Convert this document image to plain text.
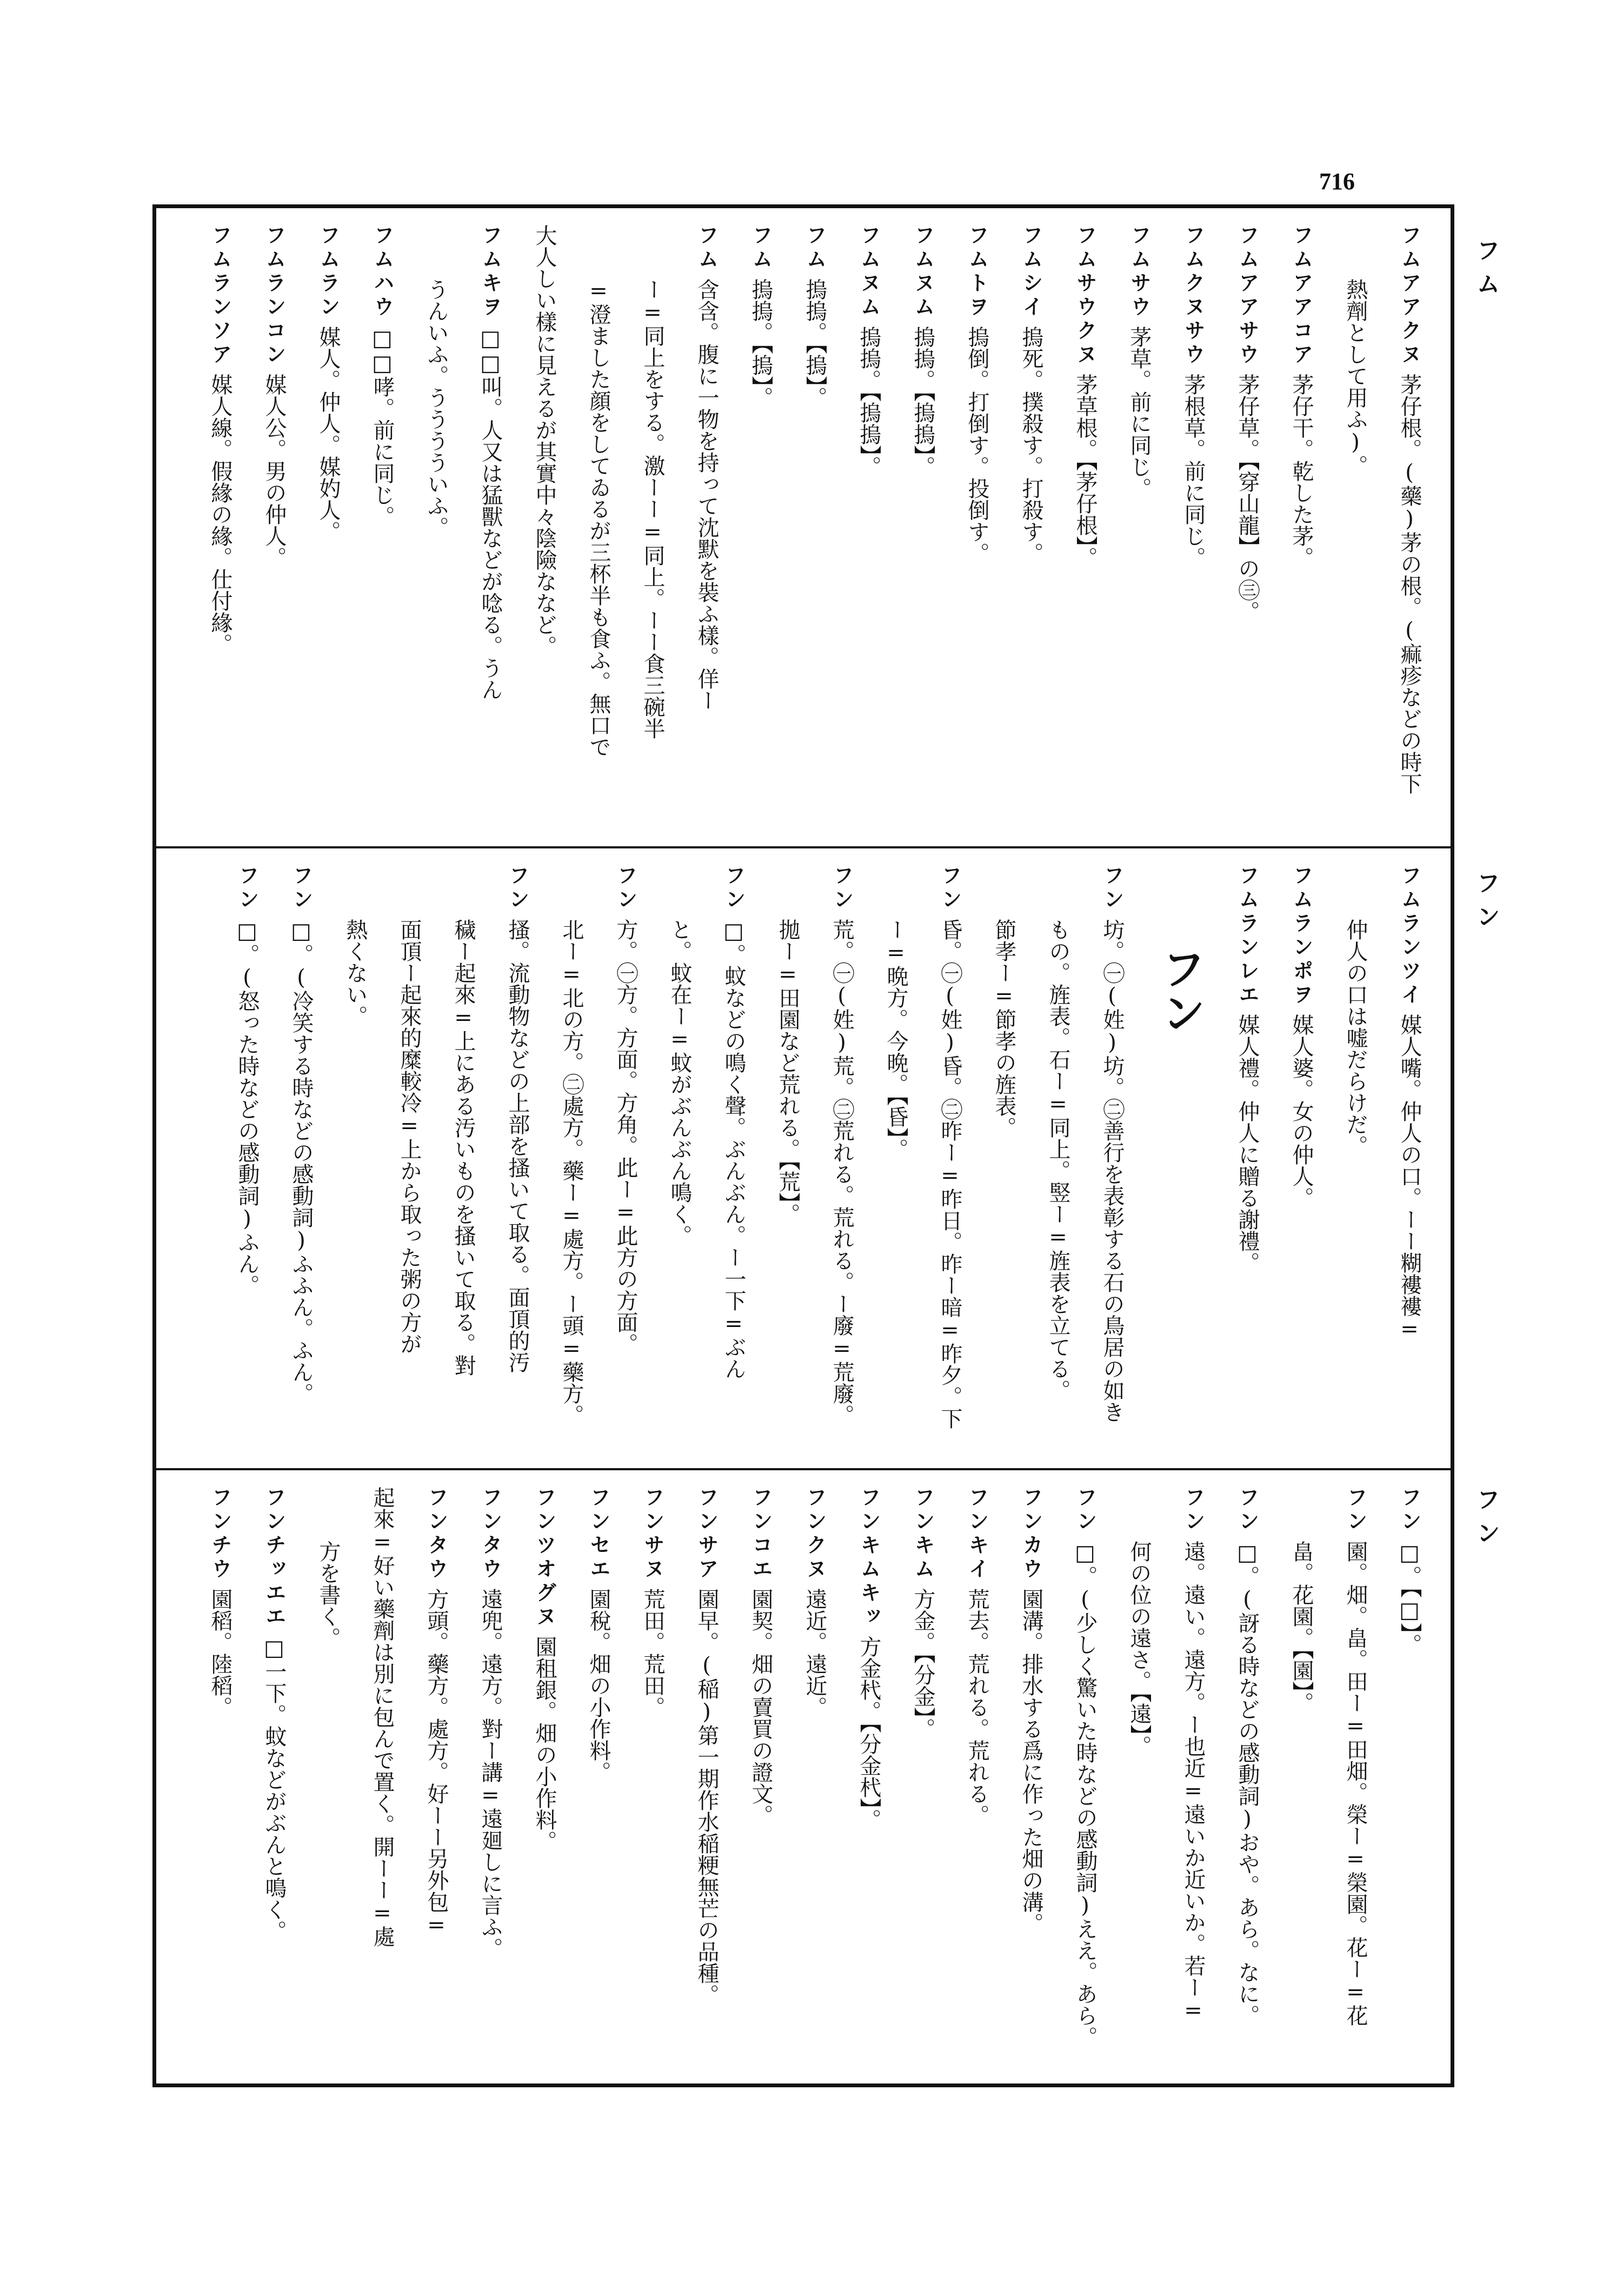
716
フム
フン
フン
フムアアクヌ茅仔根。(藥)茅の根。(痲疹などの時下
熱劑として用ふ)。
フムアアコア茅仔干。乾した茅。
フムアアサウ茅仔草。【穿山龍】の㊂。
フムクヌサウ茅根草。前に同じ。
フムサウ茅草。前に同じ。
フムサウクヌ茅草根。【茅仔根】。
フムシイ摀死。撲殺す。打殺す。
フムトヲ摀倒。打倒す。投倒す。
フムヌム摀摀。【摀摀】。
フムヌム摀摀。【摀摀】。
フム摀摀。【摀】。
フム摀摀。【摀】。
フム含含。腹に一物を持って沈默を裝ふ樣。佯ー
ー=同上をする。激ーー=同上。ーー食三碗半
=澄ました顔をしてゐるが三杯半も食ふ。無口で
大人しい樣に見えるが其實中々陰險ななど。
フムキヲ□□叫。人又は猛獸などが唸る。うん
うんいふ。うううういふ。
フムハウ□□哮。前に同じ。
フムラン媒人。仲人。媒妁人。
フムランコン媒人公。男の仲人。
フムランソア媒人線。假緣の緣。仕付緣。
フムランツイ媒人嘴。仲人の口。ーー糊褸褸=
仲人の口は嘘だらけだ。
フムランポヲ媒人婆。女の仲人。
フムランレエ媒人禮。仲人に贈る謝禮。
フン
フン坊。㊀(姓)坊。㊁善行を表彰する石の鳥居の如き
もの。旌表。石ー=同上。竪ー=旌表を立てる。
節孝ー=節孝の旌表。
フン昏。㊀(姓)昏。㊁昨ー=昨日。昨ー暗=昨夕。下
ー=晩方。今晩。【昏】。
フン荒。㊀(姓)荒。㊁荒れる。荒れる。ー廢=荒廢。
拋ー=田園など荒れる。【荒】。
フン□。蚊などの鳴く聲。ぶんぶん。ー一下=ぶん
と。蚊在ー=蚊がぶんぶん鳴く。
フン方。㊀方。方面。方角。此ー=此方の方面。
北ー=北の方。㊁處方。藥ー=處方。ー頭=藥方。
フン搔。流動物などの上部を搔いて取る。面頂的汚
穢ー起來=上にある汚いものを搔いて取る。對
面頂ー起來的糜較冷=上から取った粥の方が
熱くない。
フン□。(冷笑する時などの感動詞)ふふん。ふん。
フン□。(怒った時などの感動詞)ふん。
フン□。【□】。
フン園。畑。畠。田ー=田畑。榮ー=榮園。花ー=花
畠。花園。【園】。
フン□。(訝る時などの感動詞)おや。あら。なに。
フン遠。遠い。遠方。ー也近=遠いか近いか。若ー=
何の位の遠さ。【遠】。
フン□。(少しく驚いた時などの感動詞)ええ。あら。
フンカウ園溝。排水する爲に作った畑の溝。
フンキイ荒去。荒れる。荒れる。
フンキム方金。【分金】。
フンキムキッ方金杙。【分金杙】。
フンクヌ遠近。遠近。
フンコエ園契。畑の賣買の證文。
フンサア園早。(稲)第一期作水稲粳無芒の品種。
フンサヌ荒田。荒田。
フンセエ園稅。畑の小作料。
フンツオグヌ園租銀。畑の小作料。
フンタウ遠兜。遠方。對ー講=遠廻しに言ふ。
フンタウ方頭。藥方。處方。好ーー另外包=
起來=好い藥劑は別に包んで置く。開ーー=處
方を書く。
フンチッエエ□一下。蚊などがぶんと鳴く。
フンチウ園稻。陸稻。
